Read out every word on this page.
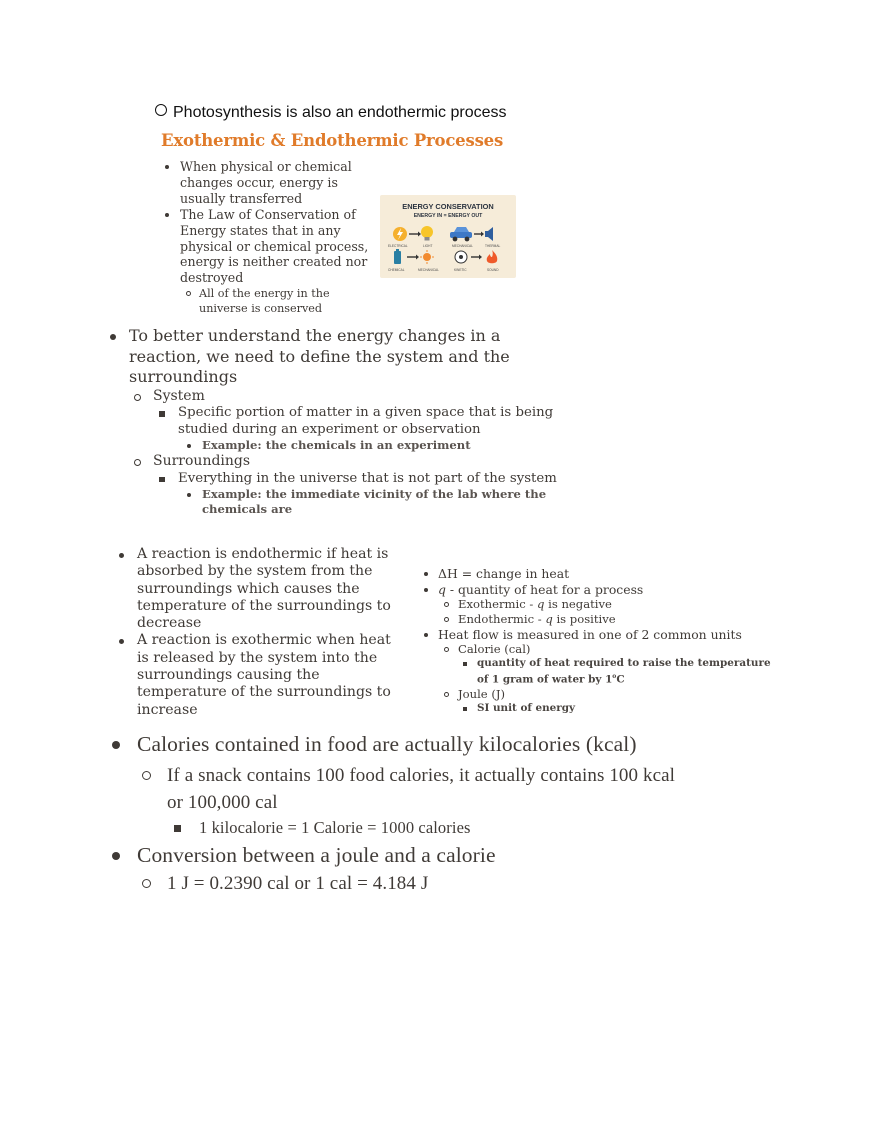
Photosynthesis is also an endothermic process
Exothermic & Endothermic Processes
When physical or chemical changes occur, energy is usually transferred
The Law of Conservation of Energy states that in any physical or chemical process, energy is neither created nor destroyed
All of the energy in the universe is conserved
ENERGY CONSERVATION
ENERGY IN = ENERGY OUT
ELECTRICAL	LIGHT	MECHANICAL	THERMAL
CHEMICAL	MECHANICAL	KINETIC	SOUND
To better understand the energy changes in a reaction, we need to define the system and the surroundings
System
Specific portion of matter in a given space that is being studied during an experiment or observation
Example: the chemicals in an experiment
Surroundings
Everything in the universe that is not part of the system
Example: the immediate vicinity of the lab where the chemicals are
A reaction is endothermic if heat is absorbed by the system from the surroundings which causes the temperature of the surroundings to decrease
A reaction is exothermic when heat is released by the system into the surroundings causing the temperature of the surroundings to increase
ΔH = change in heat
q - quantity of heat for a process
Exothermic - q is negative
Endothermic - q is positive
Heat flow is measured in one of 2 common units
Calorie (cal)
quantity of heat required to raise the temperature of 1 gram of water by 1$^o$C
Joule (J)
SI unit of energy
Calories contained in food are actually kilocalories (kcal)
If a snack contains 100 food calories, it actually contains 100 kcal or 100,000 cal
1 kilocalorie = 1 Calorie = 1000 calories
Conversion between a joule and a calorie
1 J = 0.2390 cal or 1 cal = 4.184 J
